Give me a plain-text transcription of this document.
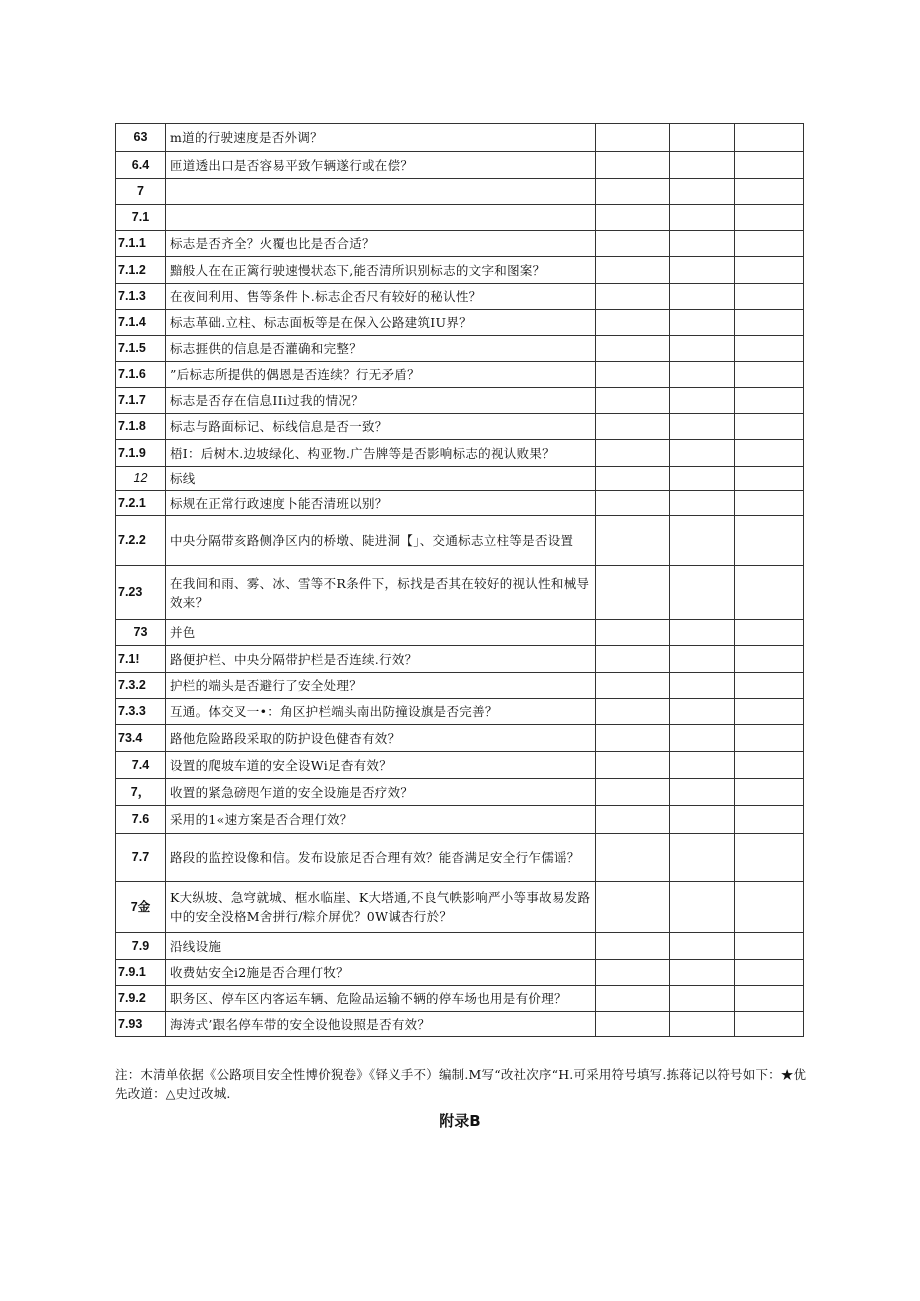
63	m道的行驶速度是否外调？			
6.4	匝道透出口是否容易平致乍辆遂行或在偿？			
7				
7.1				
7.1.1	标志是否齐全？火覆也比是否合适？			
7.1.2	黯般人在在正篱行驶速慢状态下,能否清所识别标志的文字和图案？			
7.1.3	在夜间利用、售等条件卜.标志企否尺有较好的秘认性？			
7.1.4	标志革础.立柱、标志面板等是在保入公路建筑IU界？			
7.1.5	标志捱供的信息是否灌确和完整？			
7.1.6	”后标志所提供的偶恩是否连续？行无矛盾？			
7.1.7	标志是否存在信息IIi过我的情况？			
7.1.8	标志与路面标记、标线信息是否一致？			
7.1.9	梧I：后树木.边坡绿化、构亚物.广告牌等是否影响标志的视认败果？			
12	标线			
7.2.1	标规在正常行政速度卜能否清班以别？			
7.2.2	中央分隔带亥路侧净区内的桥墩、陡进洞【」、交通标志立柱等是否设置			
7.23	在我间和雨、雾、冰、雪等不R条件下，标找是否其在较好的视认性和械导效来？			
73	并色			
7.1!	路便护栏、中央分隔带护栏是否连续.行效？			
7.3.2	护栏的端头是否避行了安全处理？			
7.3.3	互通。体交叉一•：角区护栏端头南出防撞设旗是否完善？			
73.4	路他危险路段采取的防护设色健杳有效？			
7.4	设置的爬坡车道的安全设Wi足杳有效？			
7，	收置的紧急磅咫乍道的安全设施是否疗效？			
7.6	采用的1«速方案是否合理仃效？			
7.7	路段的监控设像和信。发布设旅足否合理有效？能沓满足安全行乍儒谣？			
7金	K大纵坡、急穹就城、框水临崖、K大塔通,不良气帙影响严小等事故易发路中的安全没格M舍拼行/粽介屏优？0W𫍯杏行於？			
7.9	沿线设施			
7.9.1	收费姑安全i2施是否合理仃牧？			
7.9.2	职务区、停车区内客运车辆、危险品运输不辆的停车场也用是有价理？			
7.93	海涛式’跟名停车带的安全设他设照是否有效？			
注：木清单依据《公路项目安全性博价猊卷》《铎义手不）编制.M写“改社次序“H.可采用符号填写.拣蒋记以符号如下：★优先改道：△史过改城.
附录B
